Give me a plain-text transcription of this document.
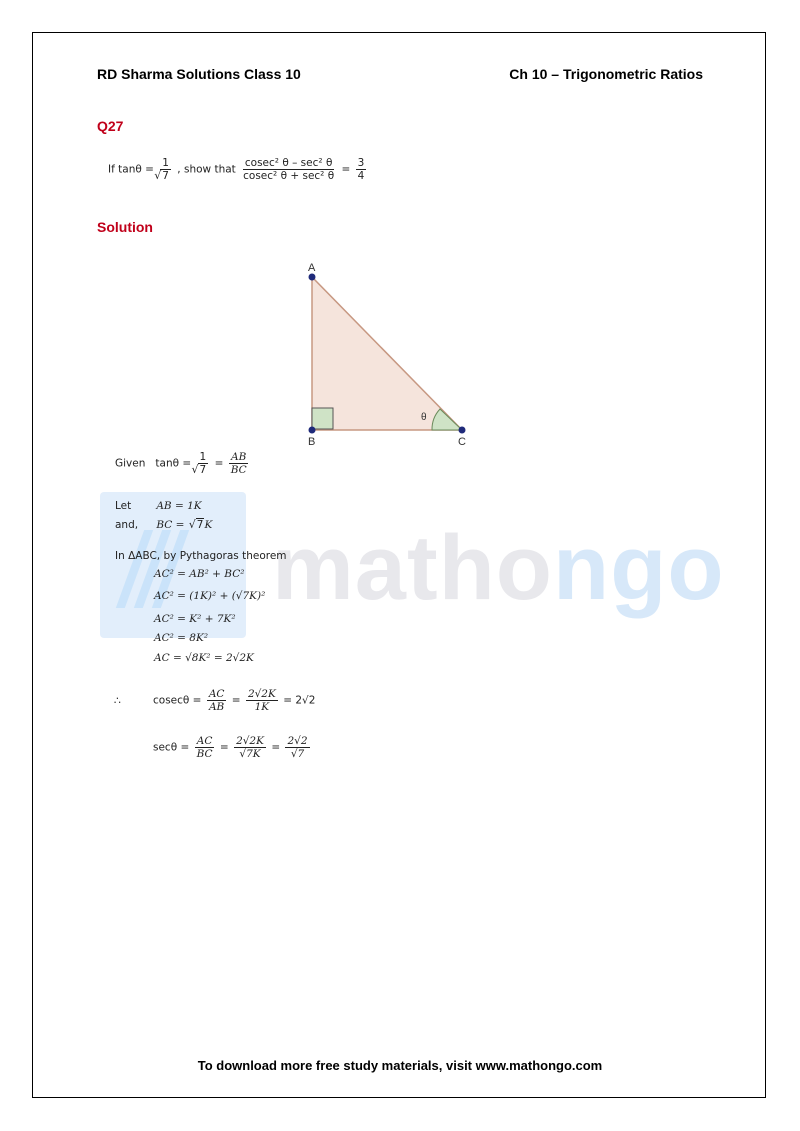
RD Sharma Solutions Class 10	Ch 10 – Trigonometric Ratios
Q27
If tanθ = 1
√ 7 , show that $\frac{\text{cosec² θ – sec² θ}}{\text{cosec² θ + sec² θ}} = \frac{3}{4}$
Solution
A
B	C
θ
Given tanθ = 1
√ $7 = \frac{AB}{BC}$
mathongo
Let AB = 1K
and, BC = √ 7K
In ΔABC, by Pythagoras theorem
AC² = AB² + BC²
AC² = (1K)² + (√7K)²
AC² = K² + 7K²
AC² = 8K²
AC = √8K² = 2√2K
∴	$cosec\theta = \frac{AC}{AB} = \frac{2√2K}{1K} = 2√2$
$\sec\theta = \frac{AC}{BC} = \frac{2√2K}{√7K} = \frac{2√2}{√7}$
To download more free study materials, visit www.mathongo.com
